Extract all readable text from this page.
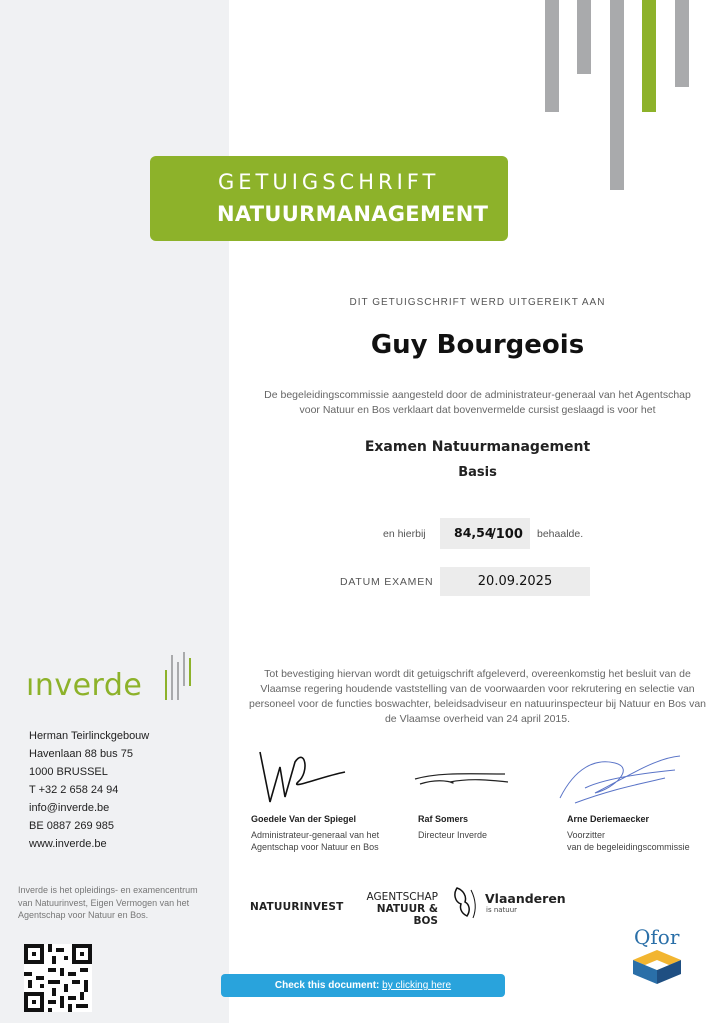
GETUIGSCHRIFT
NATUURMANAGEMENT
DIT GETUIGSCHRIFT WERD UITGEREIKT AAN
Guy Bourgeois
De begeleidingscommissie aangesteld door de administrateur-generaal van het Agentschap voor Natuur en Bos verklaart dat bovenvermelde cursist geslaagd is voor het
Examen Natuurmanagement
Basis
en hierbij 84,54
/100 behaalde.
DATUM EXAMEN	20.09.2025
Tot bevestiging hiervan wordt dit getuigschrift afgeleverd, overeenkomstig het besluit van de Vlaamse regering houdende vaststelling van de voorwaarden voor rekrutering en selectie van personeel voor de functies boswachter, beleidsadviseur en natuurinspecteur bij Natuur en Bos van de Vlaamse overheid van 24 april 2015.
Goedele Van der Spiegel
Administrateur-generaal van het
Agentschap voor Natuur en Bos
Raf Somers
Directeur Inverde
Arne Deriemaecker
Voorzitter
van de begeleidingscommissie
ınverde
Herman Teirlinckgebouw
Havenlaan 88 bus 75
1000 BRUSSEL
T +32 2 658 24 94
info@inverde.be
BE 0887 269 985
www.inverde.be
Inverde is het opleidings- en examencentrum
van Natuurinvest, Eigen Vermogen van het
Agentschap voor Natuur en Bos.
NATUURINVEST
AGENTSCHAP
NATUUR & BOS
Vlaanderen
is natuur
Qfor
Check this document: by clicking here
